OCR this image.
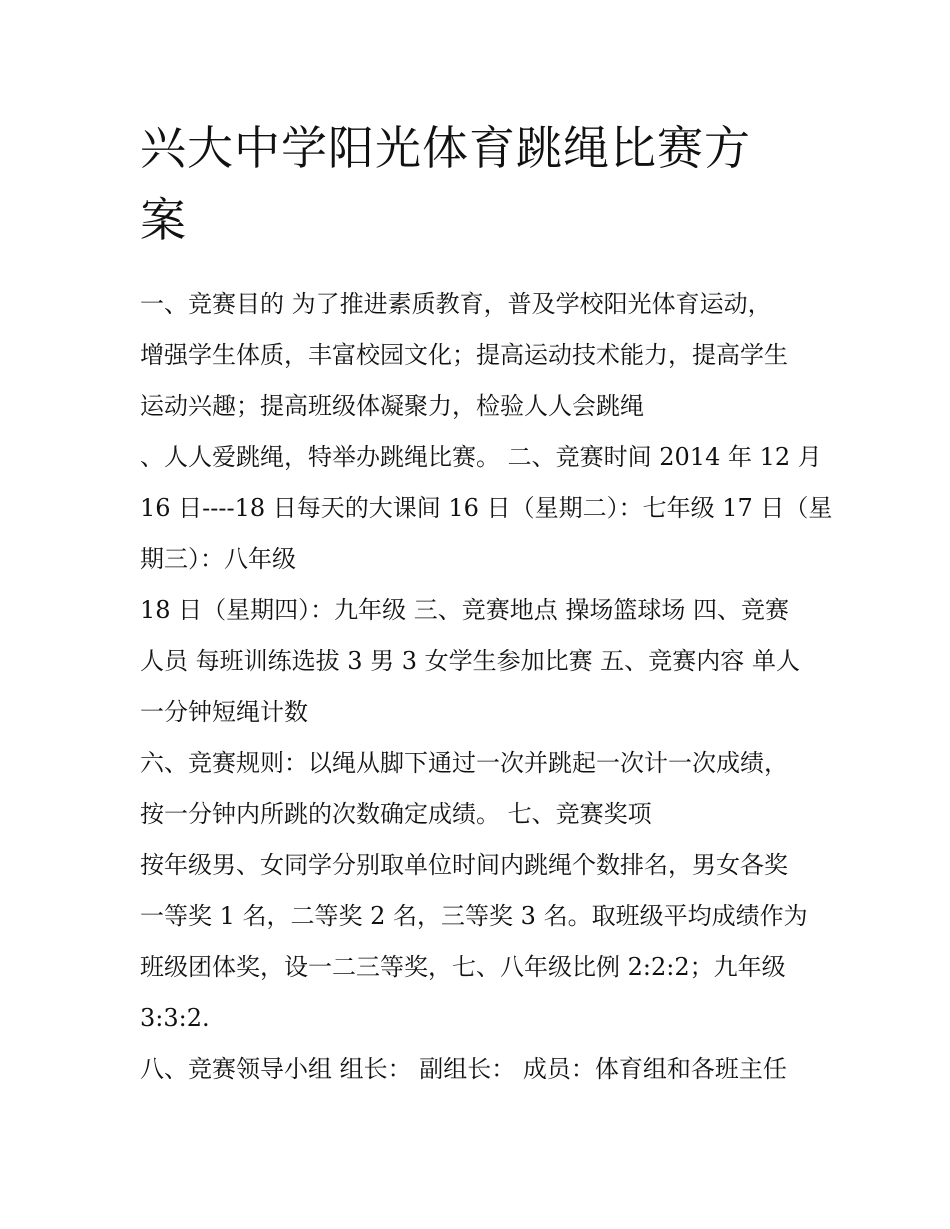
兴大中学阳光体育跳绳比赛方
案
一、竞赛目的 为了推进素质教育，普及学校阳光体育运动，
增强学生体质，丰富校园文化；提高运动技术能力，提高学生
运动兴趣；提高班级体凝聚力，检验人人会跳绳
、人人爱跳绳，特举办跳绳比赛。 二、竞赛时间 2014 年 12 月
16 日----18 日每天的大课间 16 日（星期二）：七年级 17 日（星
期三）：八年级
18 日（星期四）：九年级 三、竞赛地点 操场篮球场 四、竞赛
人员 每班训练选拔 3 男 3 女学生参加比赛 五、竞赛内容 单人
一分钟短绳计数
六、竞赛规则：以绳从脚下通过一次并跳起一次计一次成绩，
按一分钟内所跳的次数确定成绩。 七、竞赛奖项
按年级男、女同学分别取单位时间内跳绳个数排名，男女各奖
一等奖 1 名，二等奖 2 名，三等奖 3 名。取班级平均成绩作为
班级团体奖，设一二三等奖，七、八年级比例 2:2:2；九年级
3:3:2.
八、竞赛领导小组 组长： 副组长： 成员：体育组和各班主任
